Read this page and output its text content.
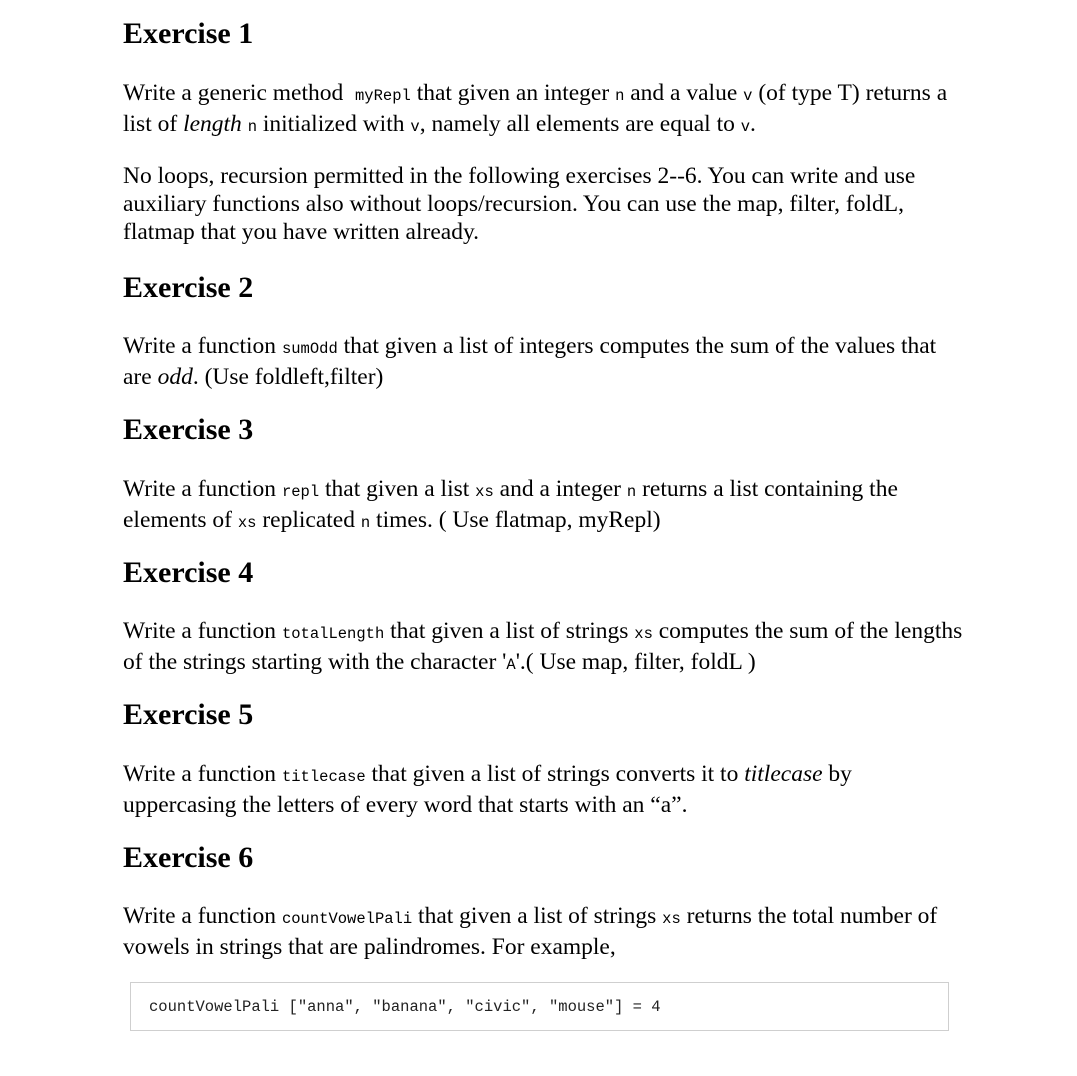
Exercise 1

Write a generic method myRepl that given an integer n and a value v (of type T) returns a list of length n initialized with v, namely all elements are equal to v.

No loops, recursion permitted in the following exercises 2--6. You can write and use auxiliary functions also without loops/recursion. You can use the map, filter, foldL, flatmap that you have written already.

Exercise 2

Write a function sumOdd that given a list of integers computes the sum of the values that are odd. (Use foldleft,filter)

Exercise 3

Write a function repl that given a list xs and a integer n returns a list containing the elements of xs replicated n times. ( Use flatmap, myRepl)

Exercise 4

Write a function totalLength that given a list of strings xs computes the sum of the lengths of the strings starting with the character 'A'.( Use map, filter, foldL )

Exercise 5

Write a function titlecase that given a list of strings converts it to titlecase by uppercasing the letters of every word that starts with an “a”.

Exercise 6

Write a function countVowelPali that given a list of strings xs returns the total number of vowels in strings that are palindromes. For example,

countVowelPali ["anna", "banana", "civic", "mouse"] = 4
